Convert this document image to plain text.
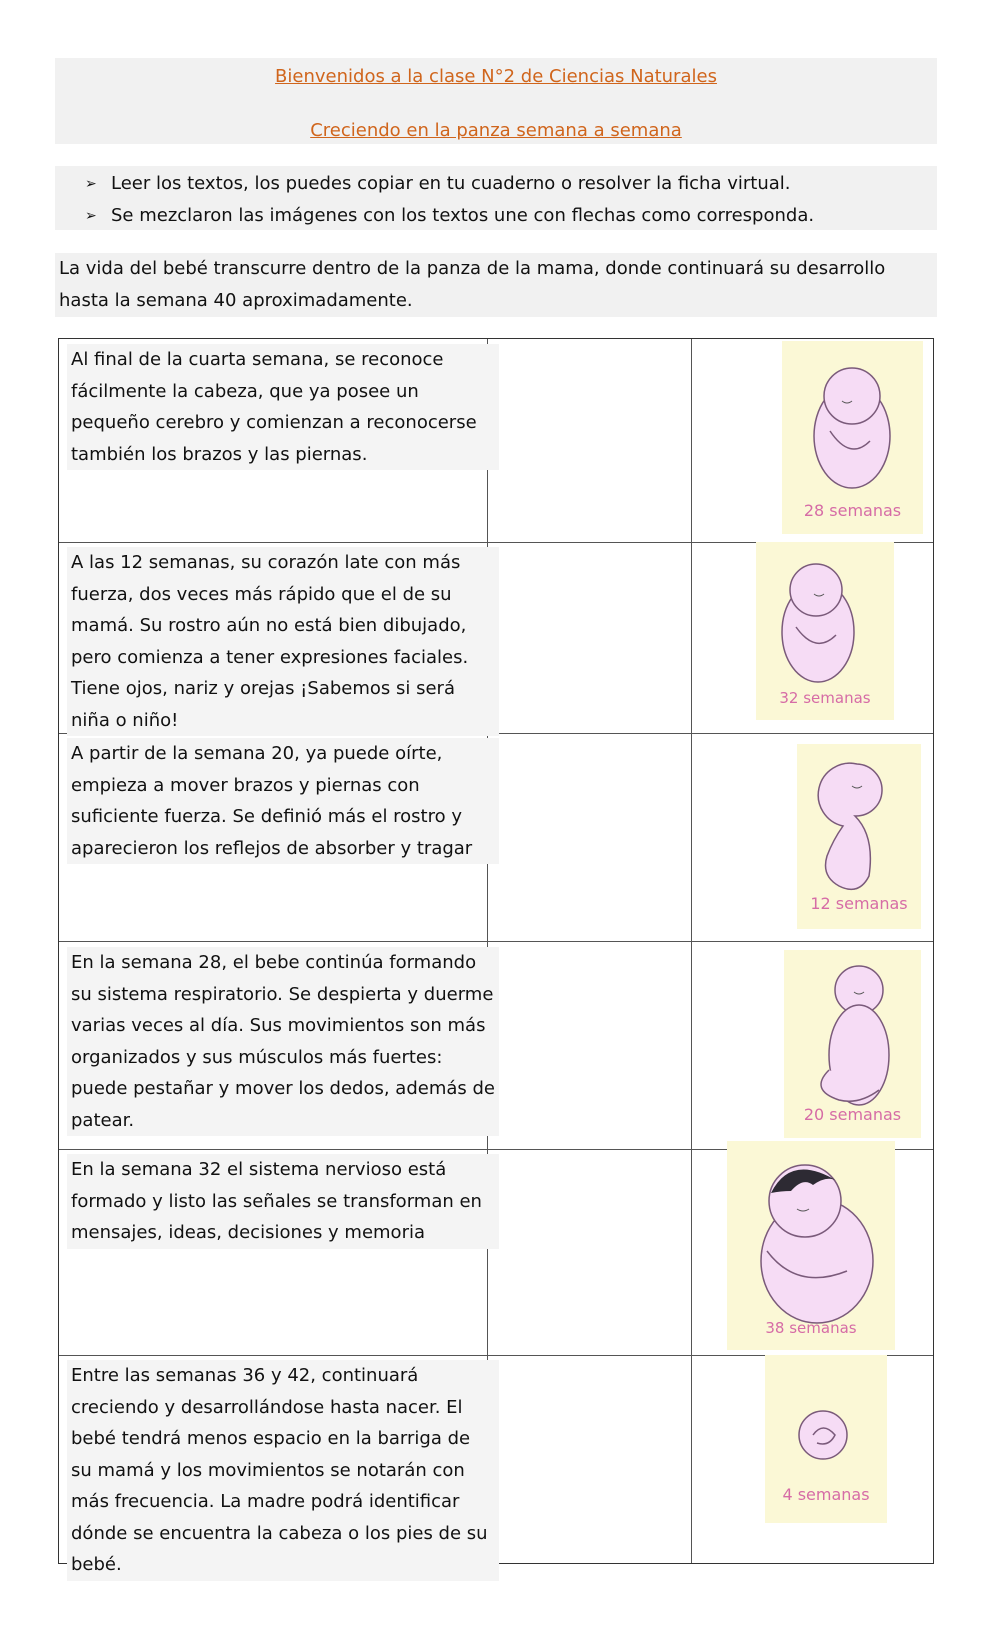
Bienvenidos a la clase N°2 de Ciencias Naturales
Creciendo en la panza semana a semana
➢ Leer los textos, los puedes copiar en tu cuaderno o resolver la ficha virtual.
➢ Se mezclaron las imágenes con los textos une con flechas como corresponda.
La vida del bebé transcurre dentro de la panza de la mama, donde continuará su desarrollo hasta la semana 40 aproximadamente.
Al final de la cuarta semana, se reconoce fácilmente la cabeza, que ya posee un pequeño cerebro y comienzan a reconocerse también los brazos y las piernas.
28 semanas
A las 12 semanas, su corazón late con más fuerza, dos veces más rápido que el de su mamá. Su rostro aún no está bien dibujado, pero comienza a tener expresiones faciales. Tiene ojos, nariz y orejas ¡Sabemos si será niña o niño!
32 semanas
A partir de la semana 20, ya puede oírte, empieza a mover brazos y piernas con suficiente fuerza. Se definió más el rostro y aparecieron los reflejos de absorber y tragar
12 semanas
En la semana 28, el bebe continúa formando su sistema respiratorio. Se despierta y duerme varias veces al día. Sus movimientos son más organizados y sus músculos más fuertes: puede pestañar y mover los dedos, además de patear.	20 semanas
En la semana 32 el sistema nervioso está formado y listo las señales se transforman en mensajes, ideas, decisiones y memoria
38 semanas
Entre las semanas 36 y 42, continuará creciendo y desarrollándose hasta nacer. El bebé tendrá menos espacio en la barriga de su mamá y los movimientos se notarán con más frecuencia. La madre podrá identificar dónde se encuentra la cabeza o los pies de su bebé.
4 semanas
